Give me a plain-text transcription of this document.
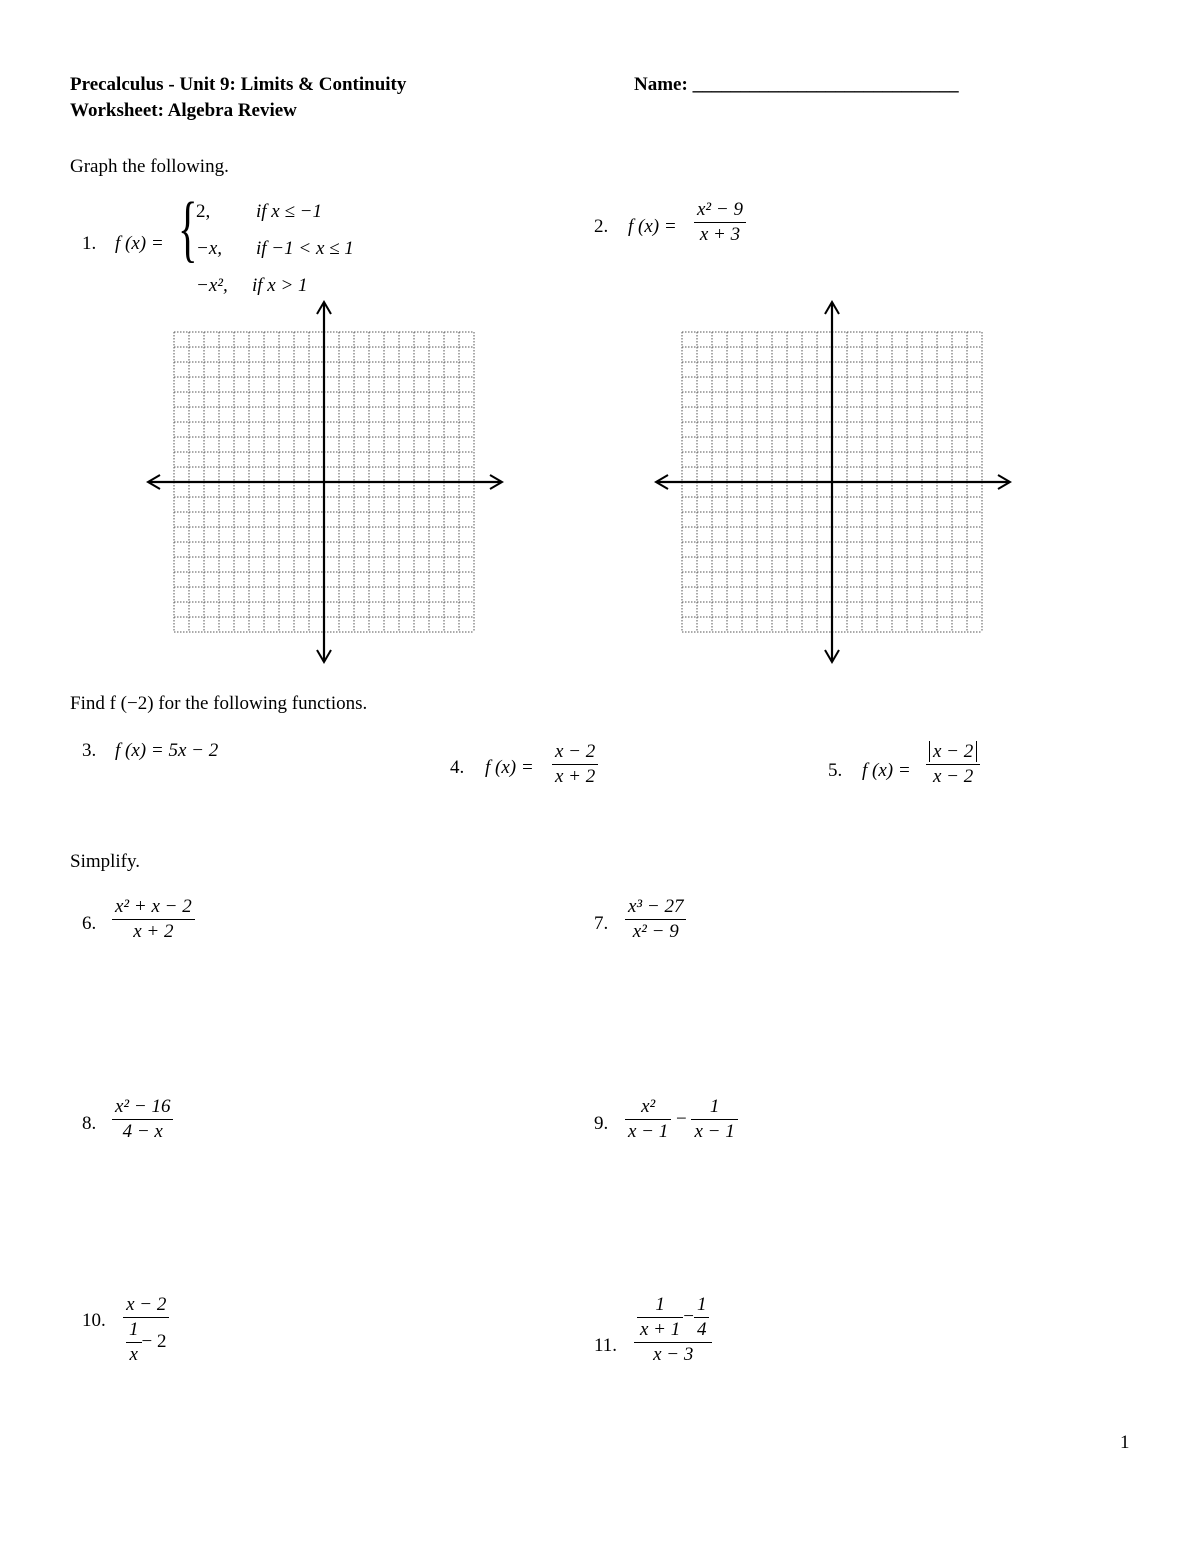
Precalculus - Unit 9: Limits & Continuity
Worksheet: Algebra Review
Name: ____________________________
Graph the following.
1. f (x) = {
2, if x ≤ −1
−x, if −1 < x ≤ 1
−x²,if x > 1
2. f $(x) = \frac{\text{x² − 9}}{x + 3}$
Find f (−2) for the following functions.
3. f (x) = 5x − 2
4. f $(x) = \frac{x - 2}{x + 2}$	5. f $(x) = \frac{x - 2}{x - 2}$
Simplify.
6. $\frac{\text{x² + x − 2}}{x + 2}$	7. $\frac{\text{x³ − 27}}{\text{x² − 9}}$
8. $\frac{\text{x² − 16}}{4 - x}$	9. $\frac{\text{x²}}{x - 1} - \frac{1}{x - 1}$
10. $\frac{x - 2}{\frac{1}{x} - 2}$	11.
$\frac{1}{x + 1} - \frac{1}{4}$
x − 3
1
